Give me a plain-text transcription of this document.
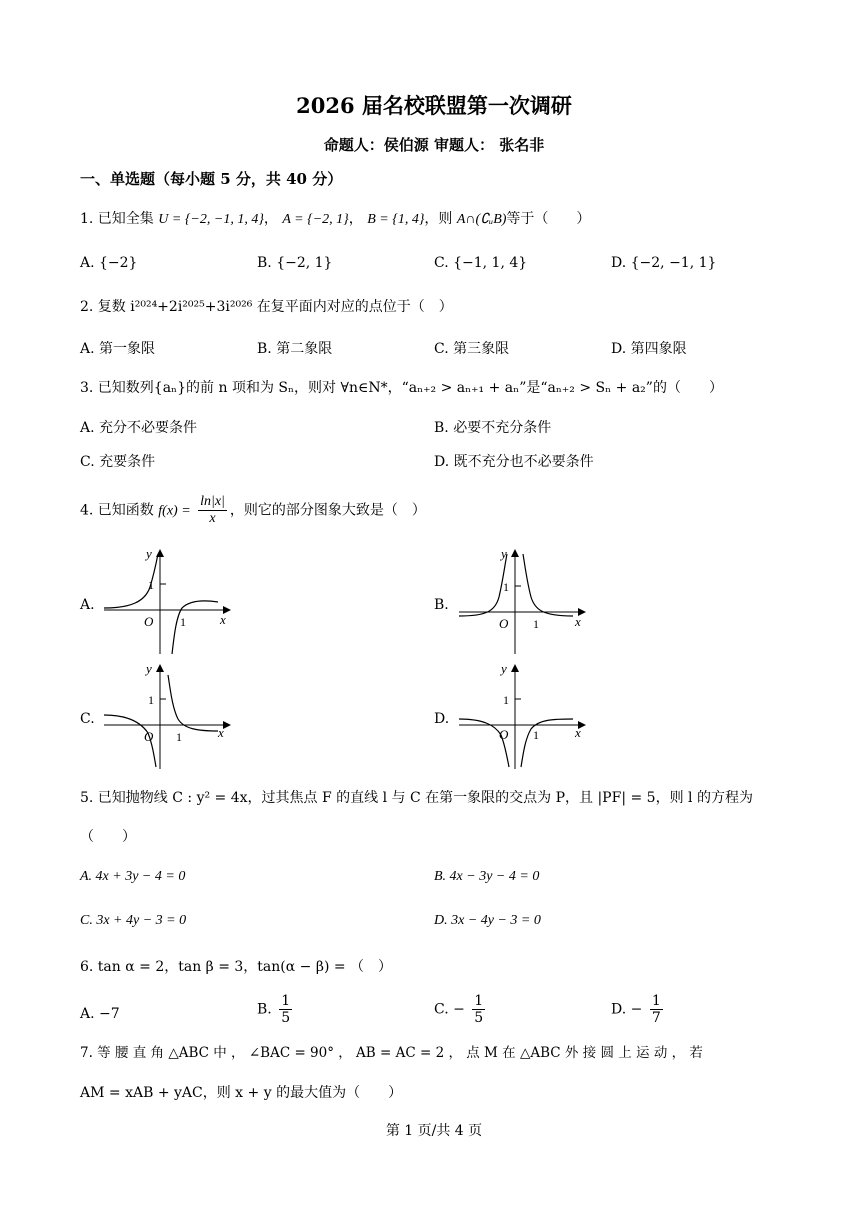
2026 届名校联盟第一次调研
命题人：侯伯源 审题人： 张名非
一、单选题（每小题 5 分，共 40 分）
1. 已知全集 U = {−2, −1, 1, 4}， A = {−2, 1}， B = {1, 4}，则 A∩(∁ᵤB)等于（　　）
A. {−2}	B. {−2, 1}	C. {−1, 1, 4}	D. {−2, −1, 1}
2. 复数 i²⁰²⁴+2i²⁰²⁵+3i²⁰²⁶ 在复平面内对应的点位于（　）
A. 第一象限	B. 第二象限	C. 第三象限	D. 第四象限
3. 已知数列{aₙ}的前 n 项和为 Sₙ，则对 ∀n∈N*，“aₙ₊₂ > aₙ₊₁ + aₙ”是“aₙ₊₂ > Sₙ + a₂”的（　　）
A. 充分不必要条件	B. 必要不充分条件
C. 充要条件	D. 既不充分也不必要条件
4. 已知函数 $f(x) = \frac{\ln|x|}{x}$ ，则它的部分图象大致是（　）
A.	B.
C.	D.
y
1
O 1	x
y
1
O 1	x
y
1
O 1	x
y
1
O 1	x
5. 已知抛物线 C : y² = 4x，过其焦点 F 的直线 l 与 C 在第一象限的交点为 P，且 |PF| = 5，则 l 的方程为
（　　）
A. 4x + 3y − 4 = 0	B. 4x − 3y − 4 = 0
C. 3x + 4y − 3 = 0	D. 3x − 4y − 3 = 0
6. tan α = 2，tan β = 3，tan(α − β) = （　）
A. −7	B. $\frac{1}{5}$	C. − $\frac{1}{5}$	D. − $\frac{1}{7}$
7. 等 腰 直 角 △ABC 中 ， ∠BAC = 90° ， AB = AC = 2 ， 点 M 在 △ABC 外 接 圆 上 运 动 ， 若
AM = xAB + yAC，则 x + y 的最大值为（　　）
第 1 页/共 4 页
